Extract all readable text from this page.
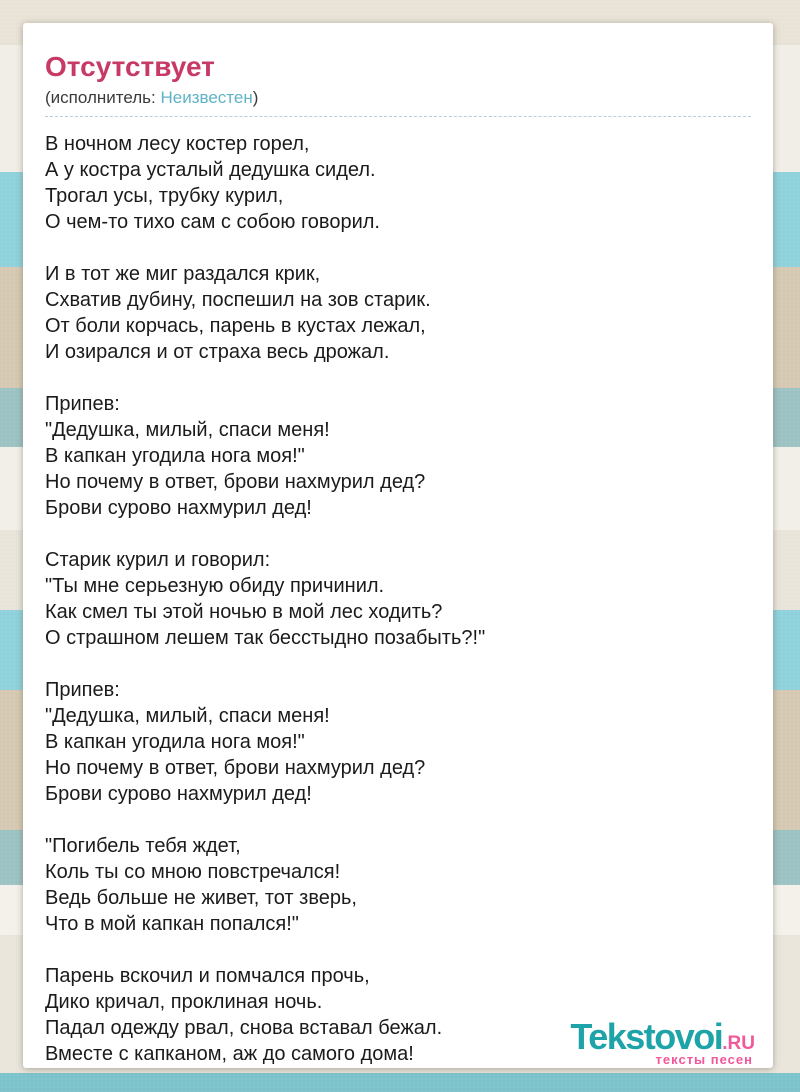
Отсутствует
(исполнитель: Неизвестен)
В ночном лесу костер горел,
А у костра усталый дедушка сидел.
Трогал усы, трубку курил,
О чем-то тихо сам с собою говорил.
И в тот же миг раздался крик,
Схватив дубину, поспешил на зов старик.
От боли корчась, парень в кустах лежал,
И озирался и от страха весь дрожал.
Припев:
"Дедушка, милый, спаси меня!
В капкан угодила нога моя!"
Но почему в ответ, брови нахмурил дед?
Брови сурово нахмурил дед!
Старик курил и говорил:
"Ты мне серьезную обиду причинил.
Как смел ты этой ночью в мой лес ходить?
О страшном лешем так бесстыдно позабыть?!"
Припев:
"Дедушка, милый, спаси меня!
В капкан угодила нога моя!"
Но почему в ответ, брови нахмурил дед?
Брови сурово нахмурил дед!
"Погибель тебя ждет,
Коль ты со мною повстречался!
Ведь больше не живет, тот зверь,
Что в мой капкан попался!"
Парень вскочил и помчался прочь,
Дико кричал, проклиная ночь.
Падал одежду рвал, снова вставал бежал.
Вместе с капканом, аж до самого дома!	Tekstovoi.RU
тексты песен
